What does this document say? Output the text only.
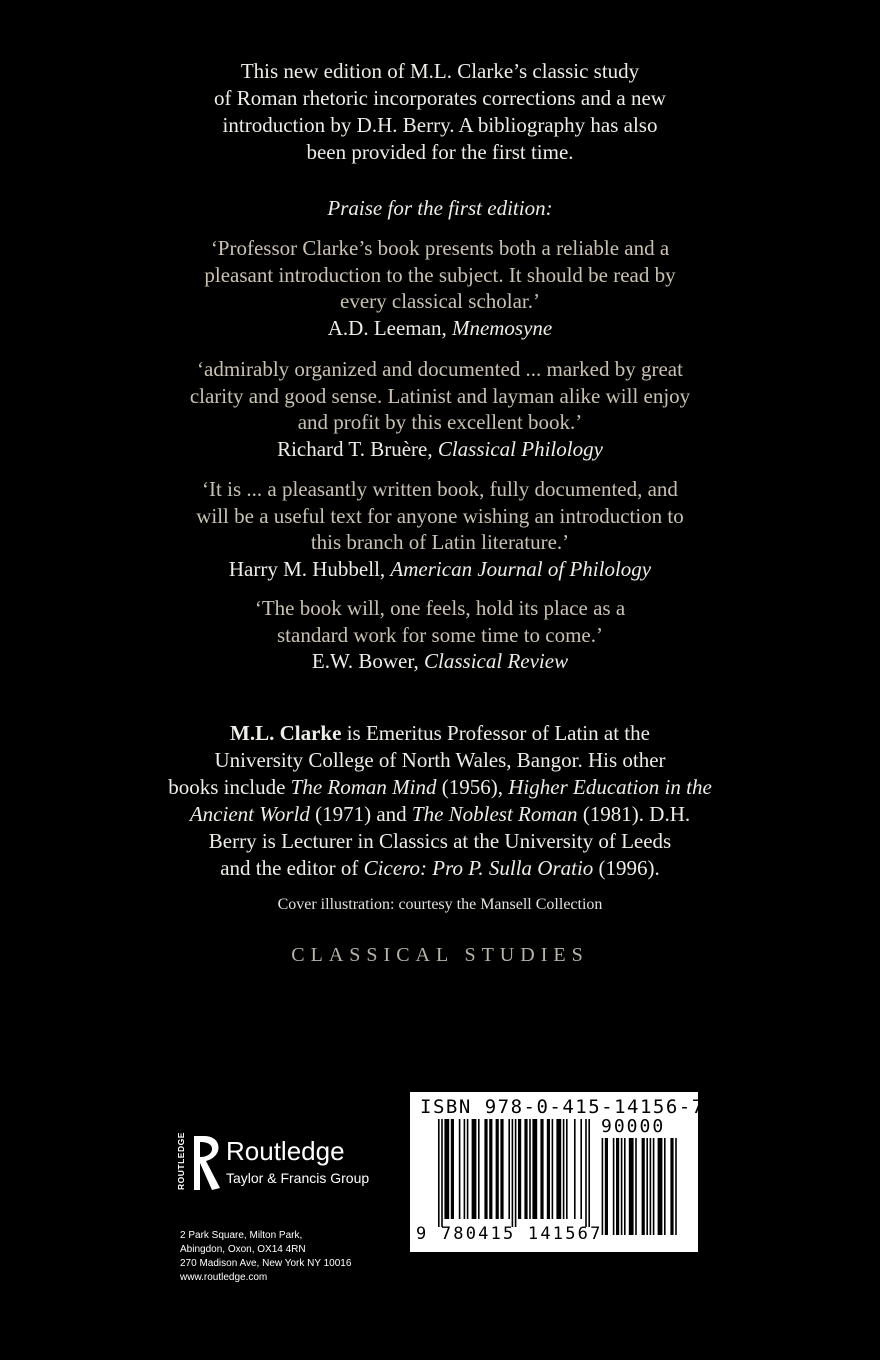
This new edition of M.L. Clarke’s classic study
of Roman rhetoric incorporates corrections and a new
introduction by D.H. Berry. A bibliography has also
been provided for the first time.
Praise for the first edition:
‘Professor Clarke’s book presents both a reliable and a
pleasant introduction to the subject. It should be read by
every classical scholar.’
A.D. Leeman, Mnemosyne
‘admirably organized and documented ... marked by great
clarity and good sense. Latinist and layman alike will enjoy
and profit by this excellent book.’
Richard T. Bruère, Classical Philology
‘It is ... a pleasantly written book, fully documented, and
will be a useful text for anyone wishing an introduction to
this branch of Latin literature.’
Harry M. Hubbell, American Journal of Philology
‘The book will, one feels, hold its place as a
standard work for some time to come.’
E.W. Bower, Classical Review
M.L. Clarke is Emeritus Professor of Latin at the
University College of North Wales, Bangor. His other
books include The Roman Mind (1956), Higher Education in the
Ancient World (1971) and The Noblest Roman (1981). D.H.
Berry is Lecturer in Classics at the University of Leeds
and the editor of Cicero: Pro P. Sulla Oratio (1996).
Cover illustration: courtesy the Mansell Collection
CLASSICAL STUDIES
ROUTLEDGE Routledge
Taylor & Francis Group
2 Park Square, Milton Park,
Abingdon, Oxon, OX14 4RN
270 Madison Ave, New York NY 10016
www.routledge.com
ISBN 978-0-415-14156-7
90000
9 780415 141567
